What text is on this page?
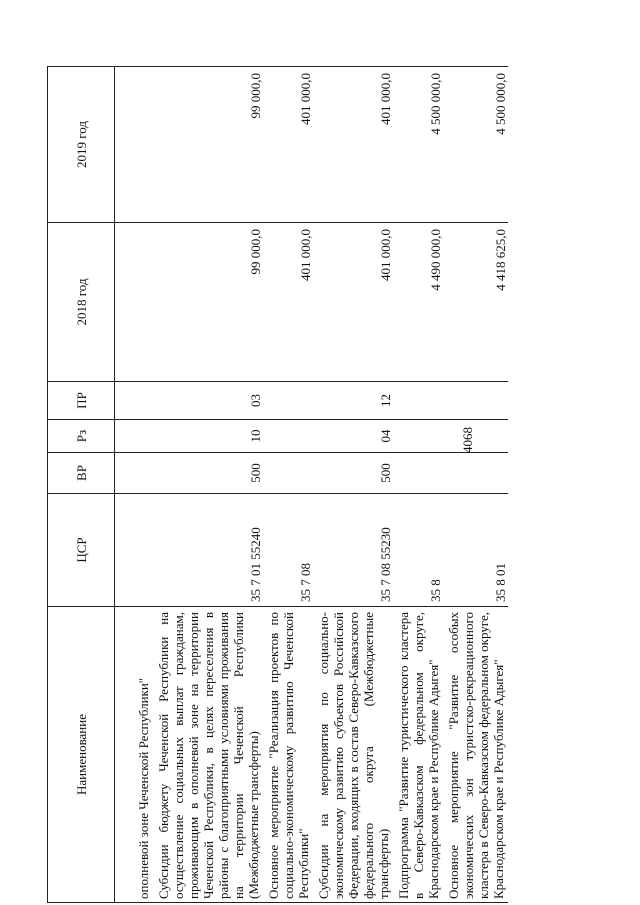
4068
Наименование	ЦСР	ВР	Рз	ПР	2018 год	2019 год
ополневой зоне Чеченской Республики"						
Субсидии бюджету Чеченской Республики на осуществление социальных выплат гражданам, проживающим в ополневой зоне на территории Чеченской Республики, в целях переселения в районы с благоприятными условиями проживания на территории Чеченской Республики (Межбюджетные трансферты)	35 7 01 55240	500	10	03	99 000,0	99 000,0
Основное мероприятие "Реализация проектов по социально-экономическому развитию Чеченской Республики"	35 7 08				401 000,0	401 000,0
Субсидии на мероприятия по социально-экономическому развитию субъектов Российской Федерации, входящих в состав Северо-Кавказского федерального округа (Межбюджетные трансферты)	35 7 08 55230	500	04	12	401 000,0	401 000,0
Подпрограмма "Развитие туристического кластера в Северо-Кавказском федеральном округе, Краснодарском крае и Республике Адыгея"	35 8				4 490 000,0	4 500 000,0
Основное мероприятие "Развитие особых экономических зон туристско-рекреационного кластера в Северо-Кавказском федеральном округе, Краснодарском крае и Республике Адыгея"	35 8 01				4 418 625,0	4 500 000,0
